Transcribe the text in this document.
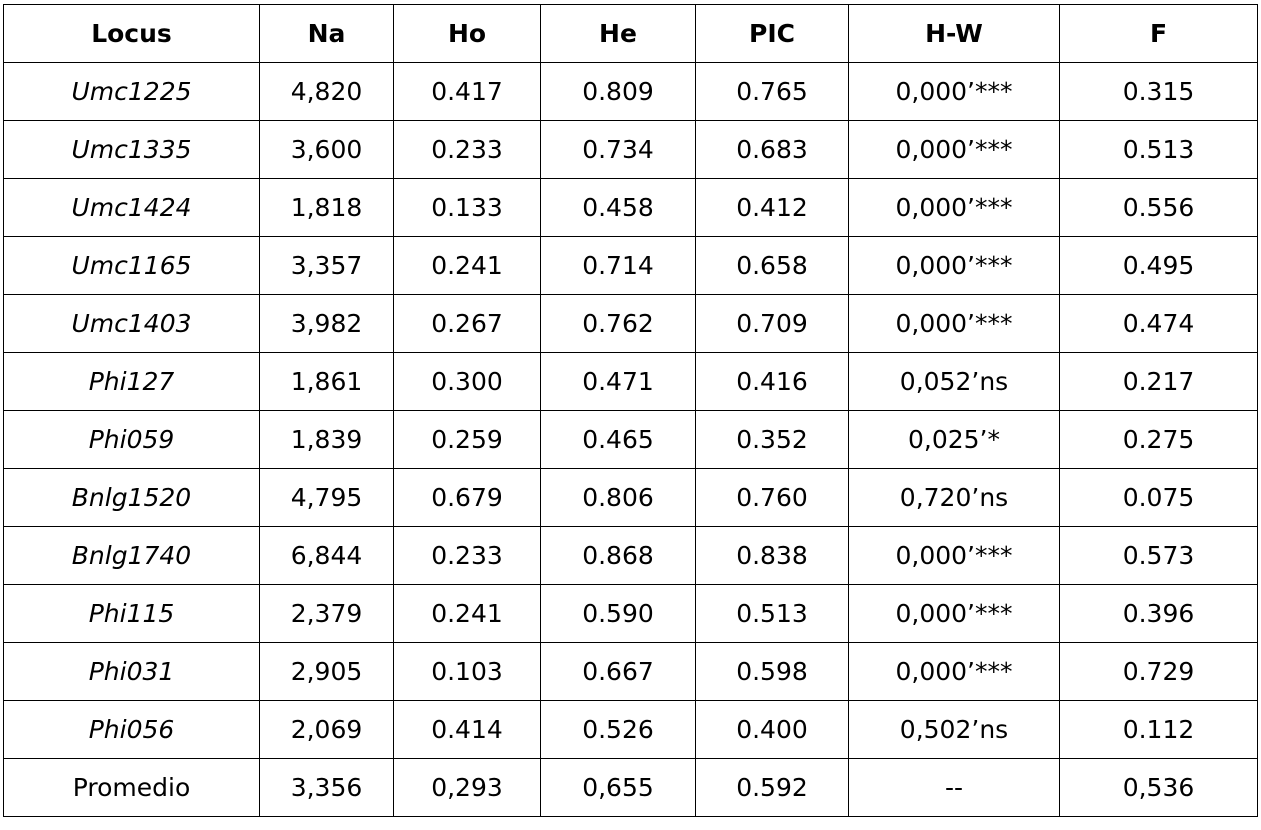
Locus	Na	Ho	He	PIC	H-W	F
Umc1225	4,820	0.417	0.809	0.765	0,000’***	0.315
Umc1335	3,600	0.233	0.734	0.683	0,000’***	0.513
Umc1424	1,818	0.133	0.458	0.412	0,000’***	0.556
Umc1165	3,357	0.241	0.714	0.658	0,000’***	0.495
Umc1403	3,982	0.267	0.762	0.709	0,000’***	0.474
Phi127	1,861	0.300	0.471	0.416	0,052’ns	0.217
Phi059	1,839	0.259	0.465	0.352	0,025’*	0.275
Bnlg1520	4,795	0.679	0.806	0.760	0,720’ns	0.075
Bnlg1740	6,844	0.233	0.868	0.838	0,000’***	0.573
Phi115	2,379	0.241	0.590	0.513	0,000’***	0.396
Phi031	2,905	0.103	0.667	0.598	0,000’***	0.729
Phi056	2,069	0.414	0.526	0.400	0,502’ns	0.112
Promedio	3,356	0,293	0,655	0.592	--	0,536
